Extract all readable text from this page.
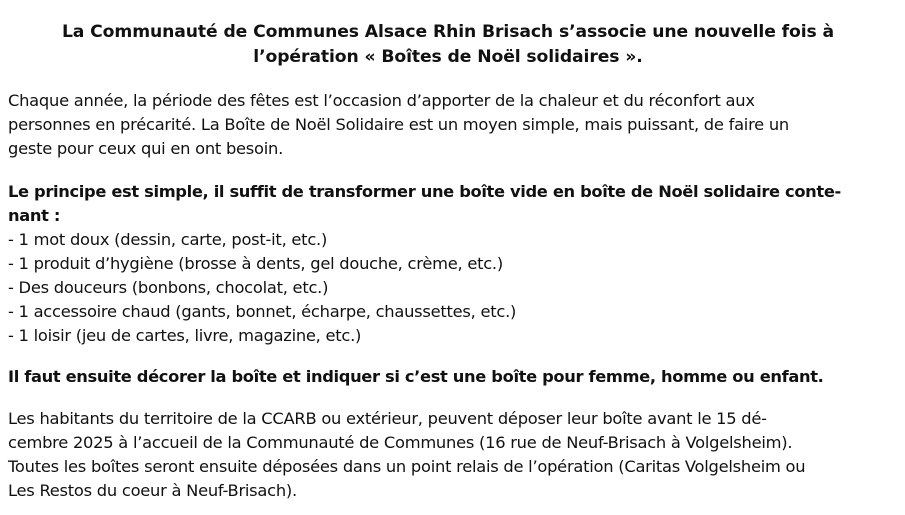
La Communauté de Communes Alsace Rhin Brisach s’associe une nouvelle fois à
l’opération « Boîtes de Noël solidaires ».

Chaque année, la période des fêtes est l’occasion d’apporter de la chaleur et du réconfort aux
personnes en précarité. La Boîte de Noël Solidaire est un moyen simple, mais puissant, de faire un
geste pour ceux qui en ont besoin.

Le principe est simple, il suffit de transformer une boîte vide en boîte de Noël solidaire conte-
nant :

- 1 mot doux (dessin, carte, post-it, etc.)
- 1 produit d’hygiène (brosse à dents, gel douche, crème, etc.)
- Des douceurs (bonbons, chocolat, etc.)
- 1 accessoire chaud (gants, bonnet, écharpe, chaussettes, etc.)
- 1 loisir (jeu de cartes, livre, magazine, etc.)

Il faut ensuite décorer la boîte et indiquer si c’est une boîte pour femme, homme ou enfant.

Les habitants du territoire de la CCARB ou extérieur, peuvent déposer leur boîte avant le 15 dé-
cembre 2025 à l’accueil de la Communauté de Communes (16 rue de Neuf-Brisach à Volgelsheim).
Toutes les boîtes seront ensuite déposées dans un point relais de l’opération (Caritas Volgelsheim ou
Les Restos du coeur à Neuf-Brisach).
